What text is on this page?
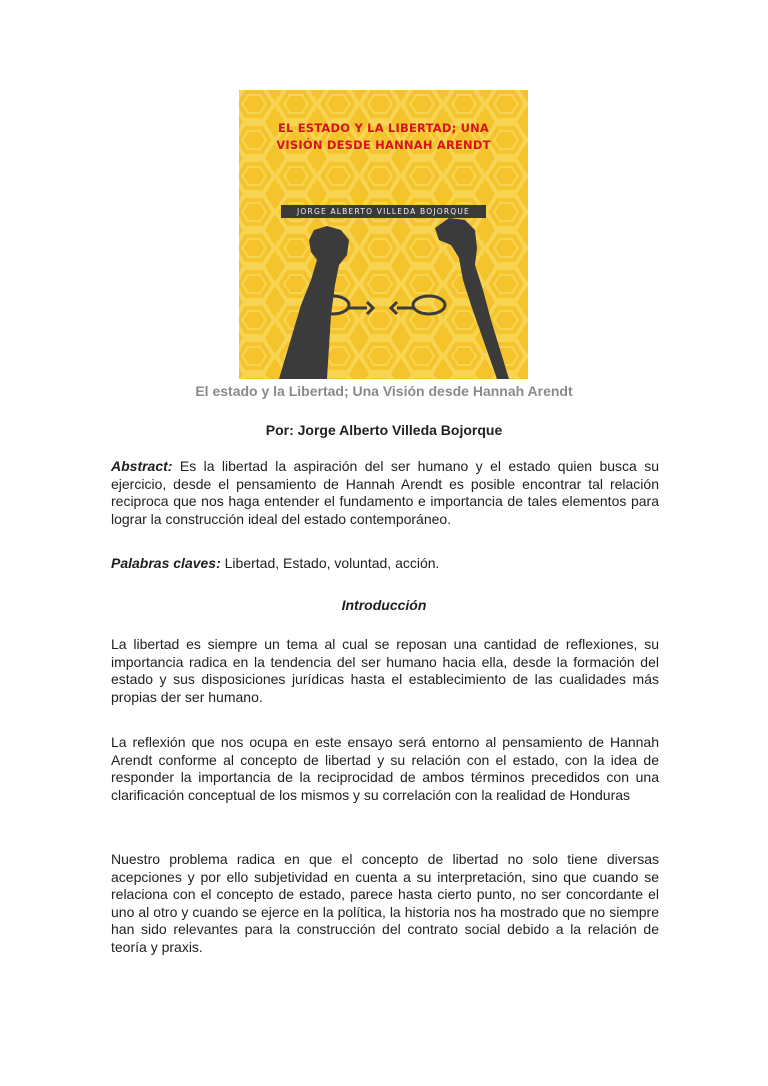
EL ESTADO Y LA LIBERTAD; UNA
VISIÓN DESDE HANNAH ARENDT
JORGE ALBERTO VILLEDA BOJORQUE
El estado y la Libertad; Una Visión desde Hannah Arendt
Por: Jorge Alberto Villeda Bojorque
Abstract: Es la libertad la aspiración del ser humano y el estado quien busca su ejercicio, desde el pensamiento de Hannah Arendt es posible encontrar tal relación reciproca que nos haga entender el fundamento e importancia de tales elementos para lograr la construcción ideal del estado contemporáneo.
Palabras claves: Libertad, Estado, voluntad, acción.
Introducción
La libertad es siempre un tema al cual se reposan una cantidad de reflexiones, su importancia radica en la tendencia del ser humano hacia ella, desde la formación del estado y sus disposiciones jurídicas hasta el establecimiento de las cualidades más propias der ser humano.
La reflexión que nos ocupa en este ensayo será entorno al pensamiento de Hannah Arendt conforme al concepto de libertad y su relación con el estado, con la idea de responder la importancia de la reciprocidad de ambos términos precedidos con una clarificación conceptual de los mismos y su correlación con la realidad de Honduras
Nuestro problema radica en que el concepto de libertad no solo tiene diversas acepciones y por ello subjetividad en cuenta a su interpretación, sino que cuando se relaciona con el concepto de estado, parece hasta cierto punto, no ser concordante el uno al otro y cuando se ejerce en la política, la historia nos ha mostrado que no siempre han sido relevantes para la construcción del contrato social debido a la relación de teoría y praxis.
